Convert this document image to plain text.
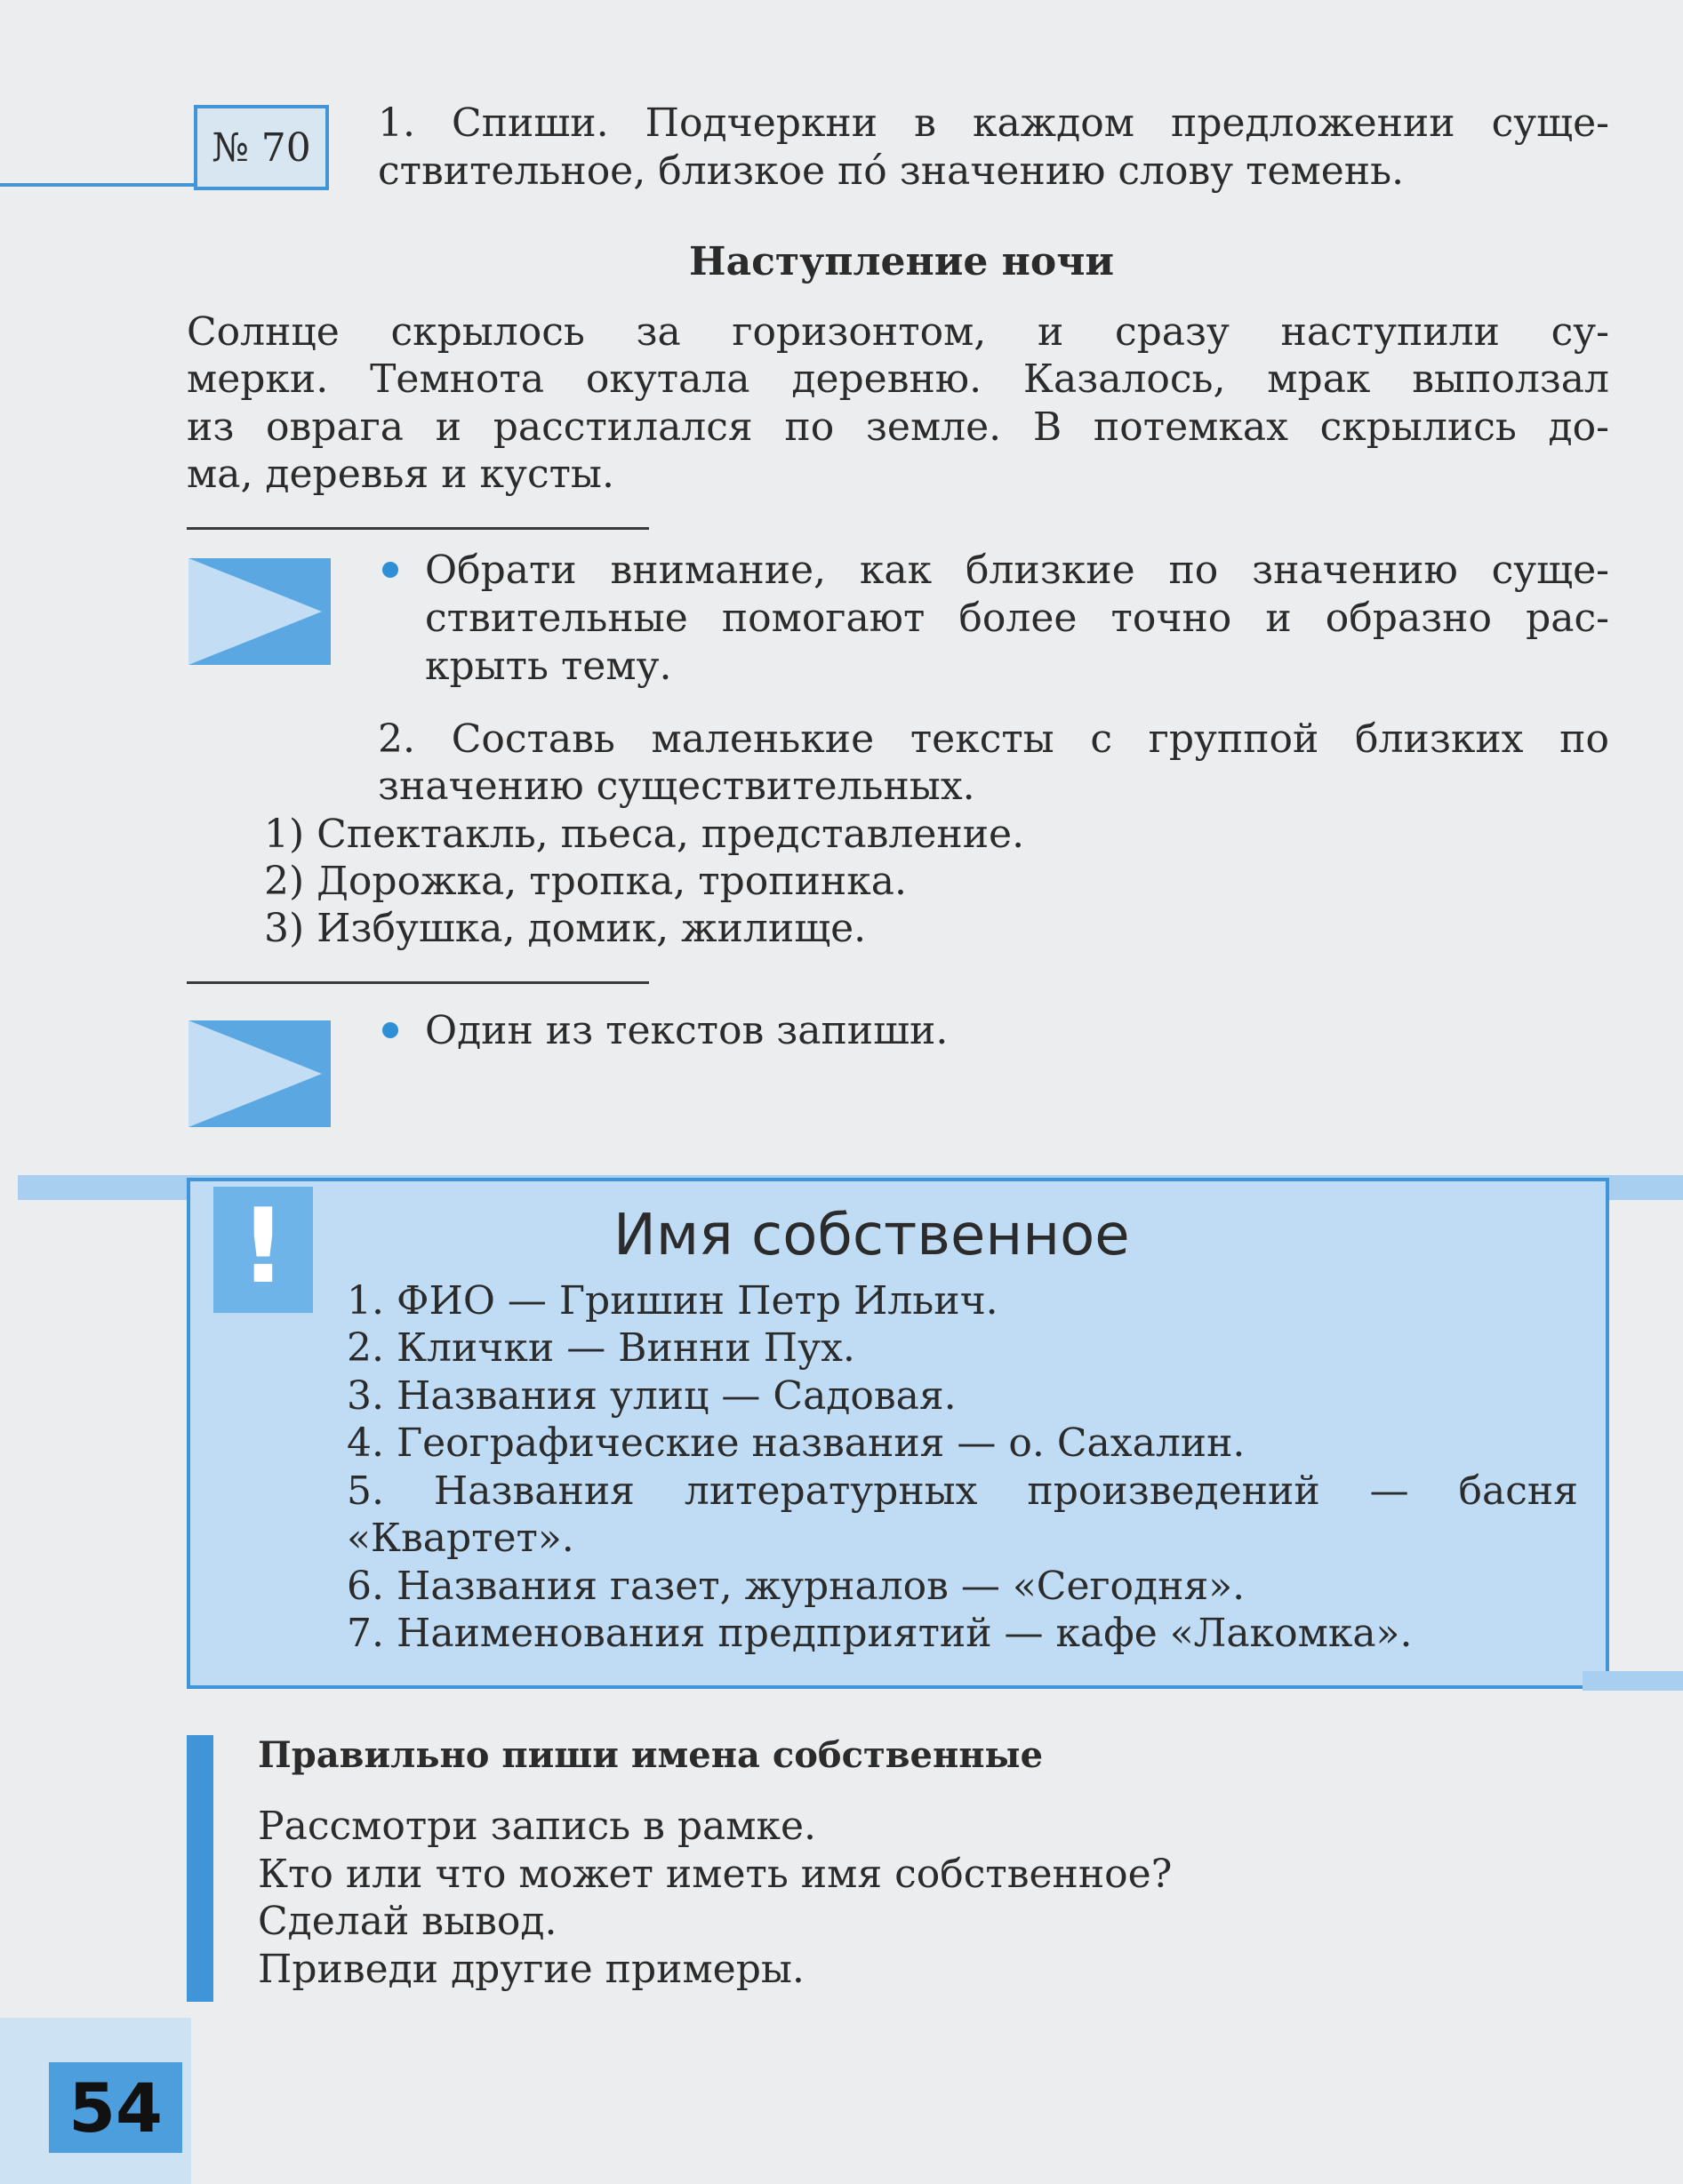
№ 70
1. Спиши. Подчеркни в каждом предложении суще-
ствительное, близкое по́ значению слову темень.
Наступление ночи
Солнце скрылось за горизонтом, и сразу наступили су-
мерки. Темнота окутала деревню. Казалось, мрак выползал
из оврага и расстилался по земле. В потемках скрылись до-
ма, деревья и кусты.
Обрати внимание, как близкие по значению суще-
ствительные помогают более точно и образно рас-
крыть тему.
2. Составь маленькие тексты с группой близких по
значению существительных.
1) Спектакль, пьеса, представление.
2) Дорожка, тропка, тропинка.
3) Избушка, домик, жилище.
Один из текстов запиши.
!	Имя собственное
1. ФИО — Гришин Петр Ильич.
2. Клички — Винни Пух.
3. Названия улиц — Садовая.
4. Географические названия — о. Сахалин.
5. Названия литературных произведений — басня
«Квартет».
6. Названия газет, журналов — «Сегодня».
7. Наименования предприятий — кафе «Лакомка».
Правильно пиши имена собственные
Рассмотри запись в рамке.
Кто или что может иметь имя собственное?
Сделай вывод.
Приведи другие примеры.
54
